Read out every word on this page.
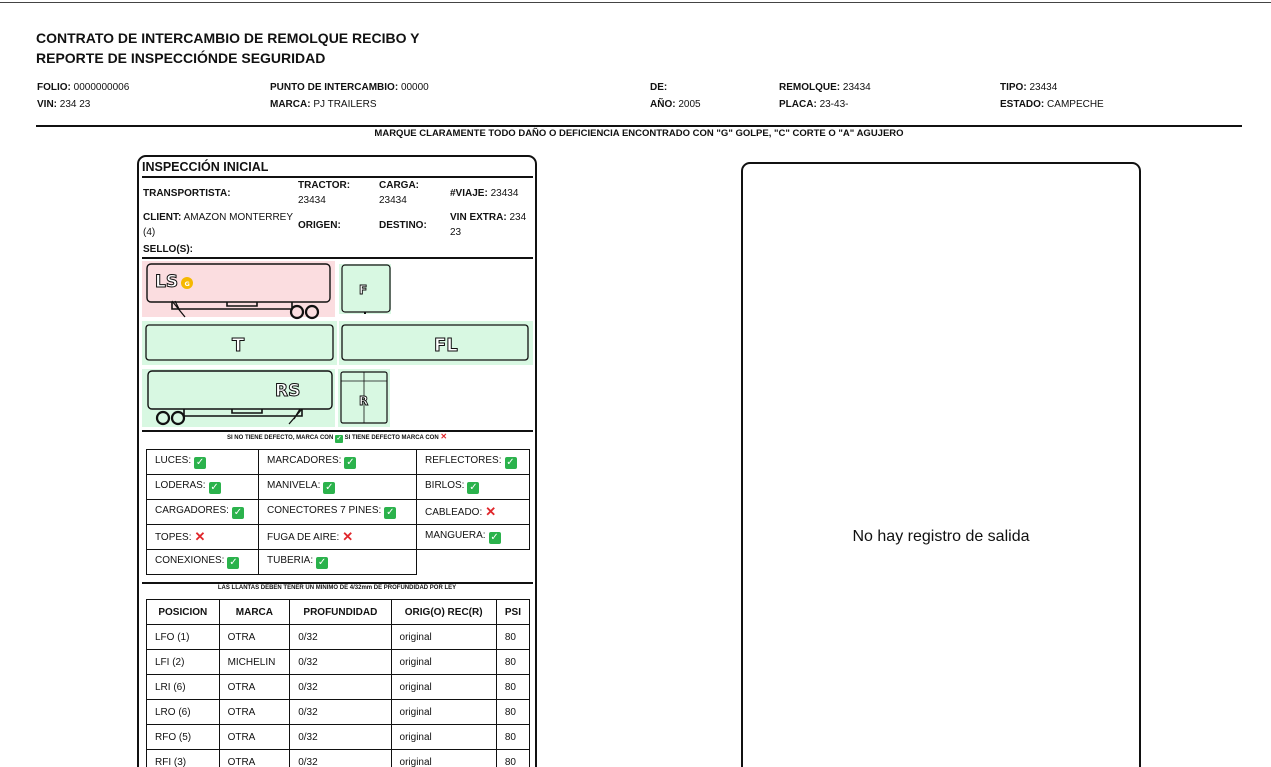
CONTRATO DE INTERCAMBIO DE REMOLQUE RECIBO Y
REPORTE DE INSPECCIÓNDE SEGURIDAD
FOLIO: 0000000006
VIN: 234 23
PUNTO DE INTERCAMBIO: 00000
MARCA: PJ TRAILERS
DE:
AÑO: 2005
REMOLQUE: 23434
PLACA: 23-43-
TIPO: 23434
ESTADO: CAMPECHE
MARQUE CLARAMENTE TODO DAÑO O DEFICIENCIA ENCONTRADO CON "G" GOLPE, "C" CORTE O "A" AGUJERO
INSPECCIÓN INICIAL
TRANSPORTISTA:
TRACTOR:
23434
CARGA:
23434
#VIAJE: 23434
CLIENT: AMAZON MONTERREY (4)
ORIGEN:	DESTINO:
VIN EXTRA: 234 23
SELLO(S):
LS G	F
T	FL
RS	R
SI NO TIENE DEFECTO, MARCA CON ✓ SI TIENE DEFECTO MARCA CON ✕
LUCES: ✓	MARCADORES: ✓	REFLECTORES: ✓
LODERAS: ✓	MANIVELA: ✓	BIRLOS: ✓
CARGADORES: ✓	CONECTORES 7 PINES: ✓	CABLEADO: ✕
TOPES: ✕	FUGA DE AIRE: ✕	MANGUERA: ✓
CONEXIONES: ✓	TUBERIA: ✓	
LAS LLANTAS DEBEN TENER UN MINIMO DE 4/32mm DE PROFUNDIDAD POR LEY
POSICION	MARCA	PROFUNDIDAD	ORIG(O) REC(R)	PSI
LFO (1)	OTRA	0/32	original	80
LFI (2)	MICHELIN	0/32	original	80
LRI (6)	OTRA	0/32	original	80
LRO (6)	OTRA	0/32	original	80
RFO (5)	OTRA	0/32	original	80
RFI (3)	OTRA	0/32	original	80
No hay registro de salida
